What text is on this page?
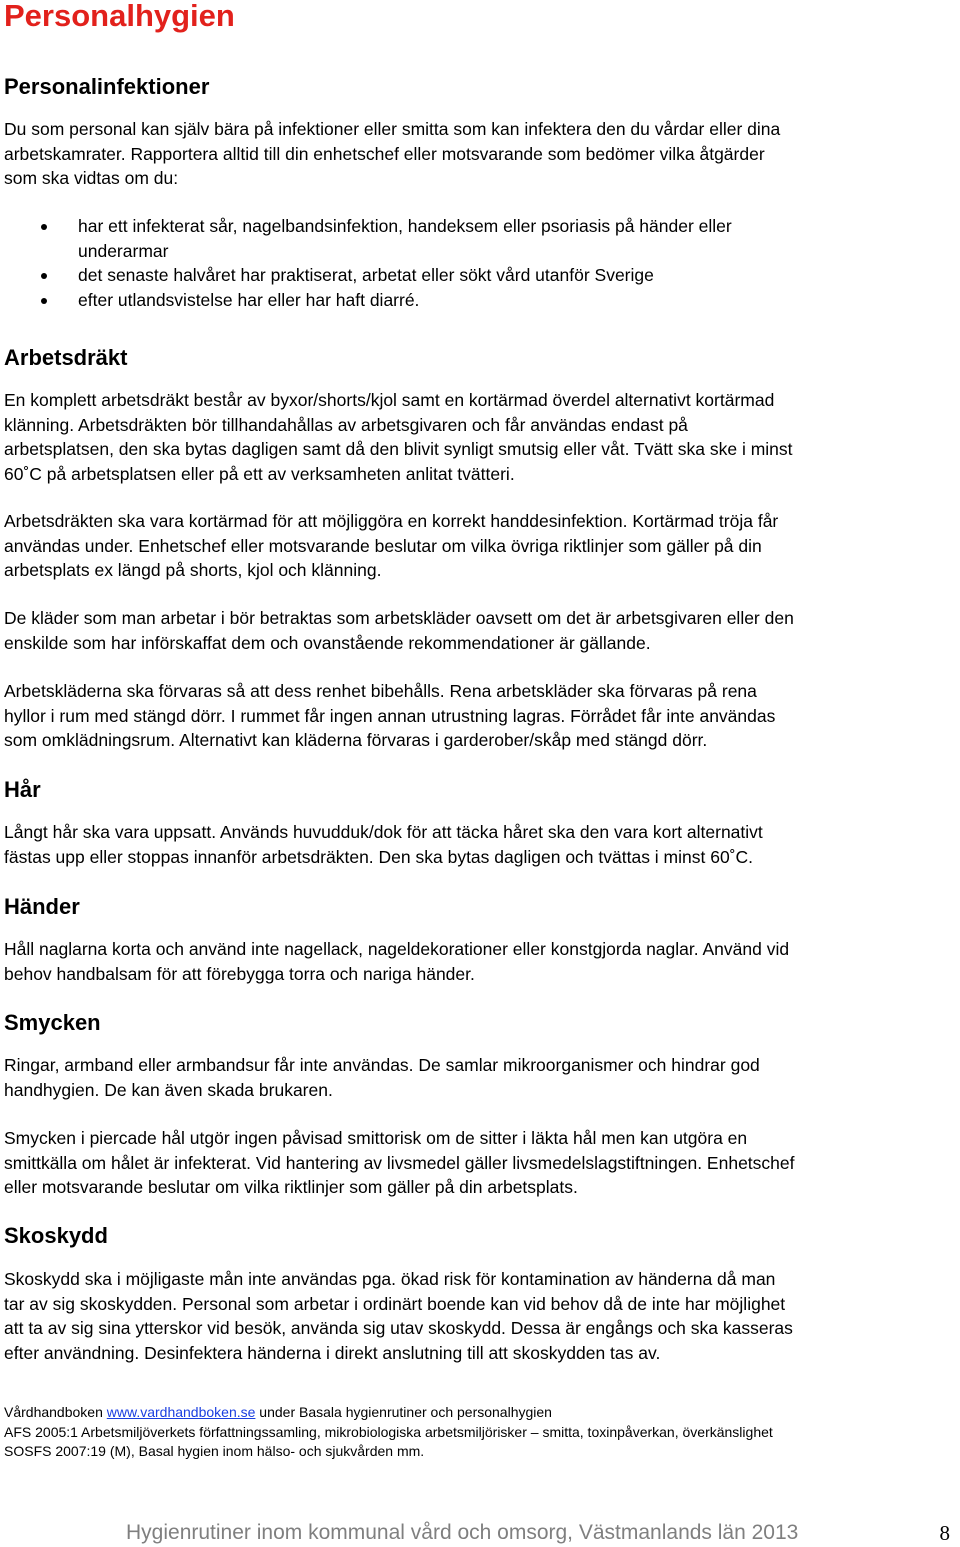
Personalhygien
Personalinfektioner

Du som personal kan själv bära på infektioner eller smitta som kan infektera den du vårdar eller dina
arbetskamrater. Rapportera alltid till din enhetschef eller motsvarande som bedömer vilka åtgärder
som ska vidtas om du:

har ett infekterat sår, nagelbandsinfektion, handeksem eller psoriasis på händer eller
underarmar
det senaste halvåret har praktiserat, arbetat eller sökt vård utanför Sverige
efter utlandsvistelse har eller har haft diarré.
Arbetsdräkt

En komplett arbetsdräkt består av byxor/shorts/kjol samt en kortärmad överdel alternativt kortärmad
klänning. Arbetsdräkten bör tillhandahållas av arbetsgivaren och får användas endast på
arbetsplatsen, den ska bytas dagligen samt då den blivit synligt smutsig eller våt. Tvätt ska ske i minst
60˚C på arbetsplatsen eller på ett av verksamheten anlitat tvätteri.

Arbetsdräkten ska vara kortärmad för att möjliggöra en korrekt handdesinfektion. Kortärmad tröja får
användas under. Enhetschef eller motsvarande beslutar om vilka övriga riktlinjer som gäller på din
arbetsplats ex längd på shorts, kjol och klänning.

De kläder som man arbetar i bör betraktas som arbetskläder oavsett om det är arbetsgivaren eller den
enskilde som har införskaffat dem och ovanstående rekommendationer är gällande.

Arbetskläderna ska förvaras så att dess renhet bibehålls. Rena arbetskläder ska förvaras på rena
hyllor i rum med stängd dörr. I rummet får ingen annan utrustning lagras. Förrådet får inte användas
som omklädningsrum. Alternativt kan kläderna förvaras i garderober/skåp med stängd dörr.

Hår

Långt hår ska vara uppsatt. Används huvudduk/dok för att täcka håret ska den vara kort alternativt
fästas upp eller stoppas innanför arbetsdräkten. Den ska bytas dagligen och tvättas i minst 60˚C.

Händer

Håll naglarna korta och använd inte nagellack, nageldekorationer eller konstgjorda naglar. Använd vid
behov handbalsam för att förebygga torra och nariga händer.

Smycken

Ringar, armband eller armbandsur får inte användas. De samlar mikroorganismer och hindrar god
handhygien. De kan även skada brukaren.

Smycken i piercade hål utgör ingen påvisad smittorisk om de sitter i läkta hål men kan utgöra en
smittkälla om hålet är infekterat. Vid hantering av livsmedel gäller livsmedelslagstiftningen. Enhetschef
eller motsvarande beslutar om vilka riktlinjer som gäller på din arbetsplats.

Skoskydd

Skoskydd ska i möjligaste mån inte användas pga. ökad risk för kontamination av händerna då man
tar av sig skoskydden. Personal som arbetar i ordinärt boende kan vid behov då de inte har möjlighet
att ta av sig sina ytterskor vid besök, använda sig utav skoskydd. Dessa är engångs och ska kasseras
efter användning. Desinfektera händerna i direkt anslutning till att skoskydden tas av.

Vårdhandboken www.vardhandboken.se under Basala hygienrutiner och personalhygien
AFS 2005:1 Arbetsmiljöverkets författningssamling, mikrobiologiska arbetsmiljörisker – smitta, toxinpåverkan, överkänslighet
SOSFS 2007:19 (M), Basal hygien inom hälso- och sjukvården mm.

Hygienrutiner inom kommunal vård och omsorg, Västmanlands län 2013	8
